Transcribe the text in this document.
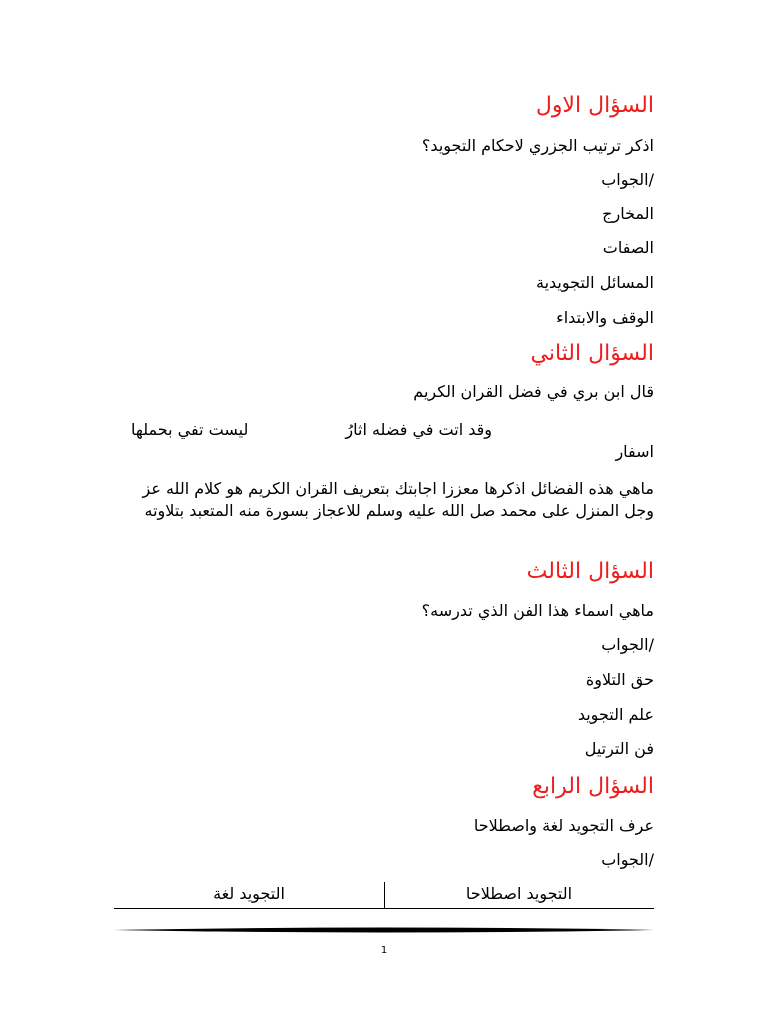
السؤال الاول
اذكر ترتيب الجزري لاحكام التجويد؟
/الجواب
المخارج
الصفات
المسائل التجويدية
الوقف والابتداء
السؤال الثاني
قال ابن بري في فضل القران الكريم
وقد اتت في فضله اثارُ
ليست تفي بحملها
اسفار
ماهي هذه الفضائل اذكرها معززا اجابتك بتعريف القران الكريم هو كلام الله عز وجل المنزل على محمد صل الله عليه وسلم للاعجاز بسورة منه المتعبد بتلاوته
السؤال الثالث
ماهي اسماء هذا الفن الذي تدرسه؟
/الجواب
حق التلاوة
علم التجويد
فن الترتيل
السؤال الرابع
عرف التجويد لغة واصطلاحا
/الجواب
التجويد اصطلاحا
التجويد لغة
1
